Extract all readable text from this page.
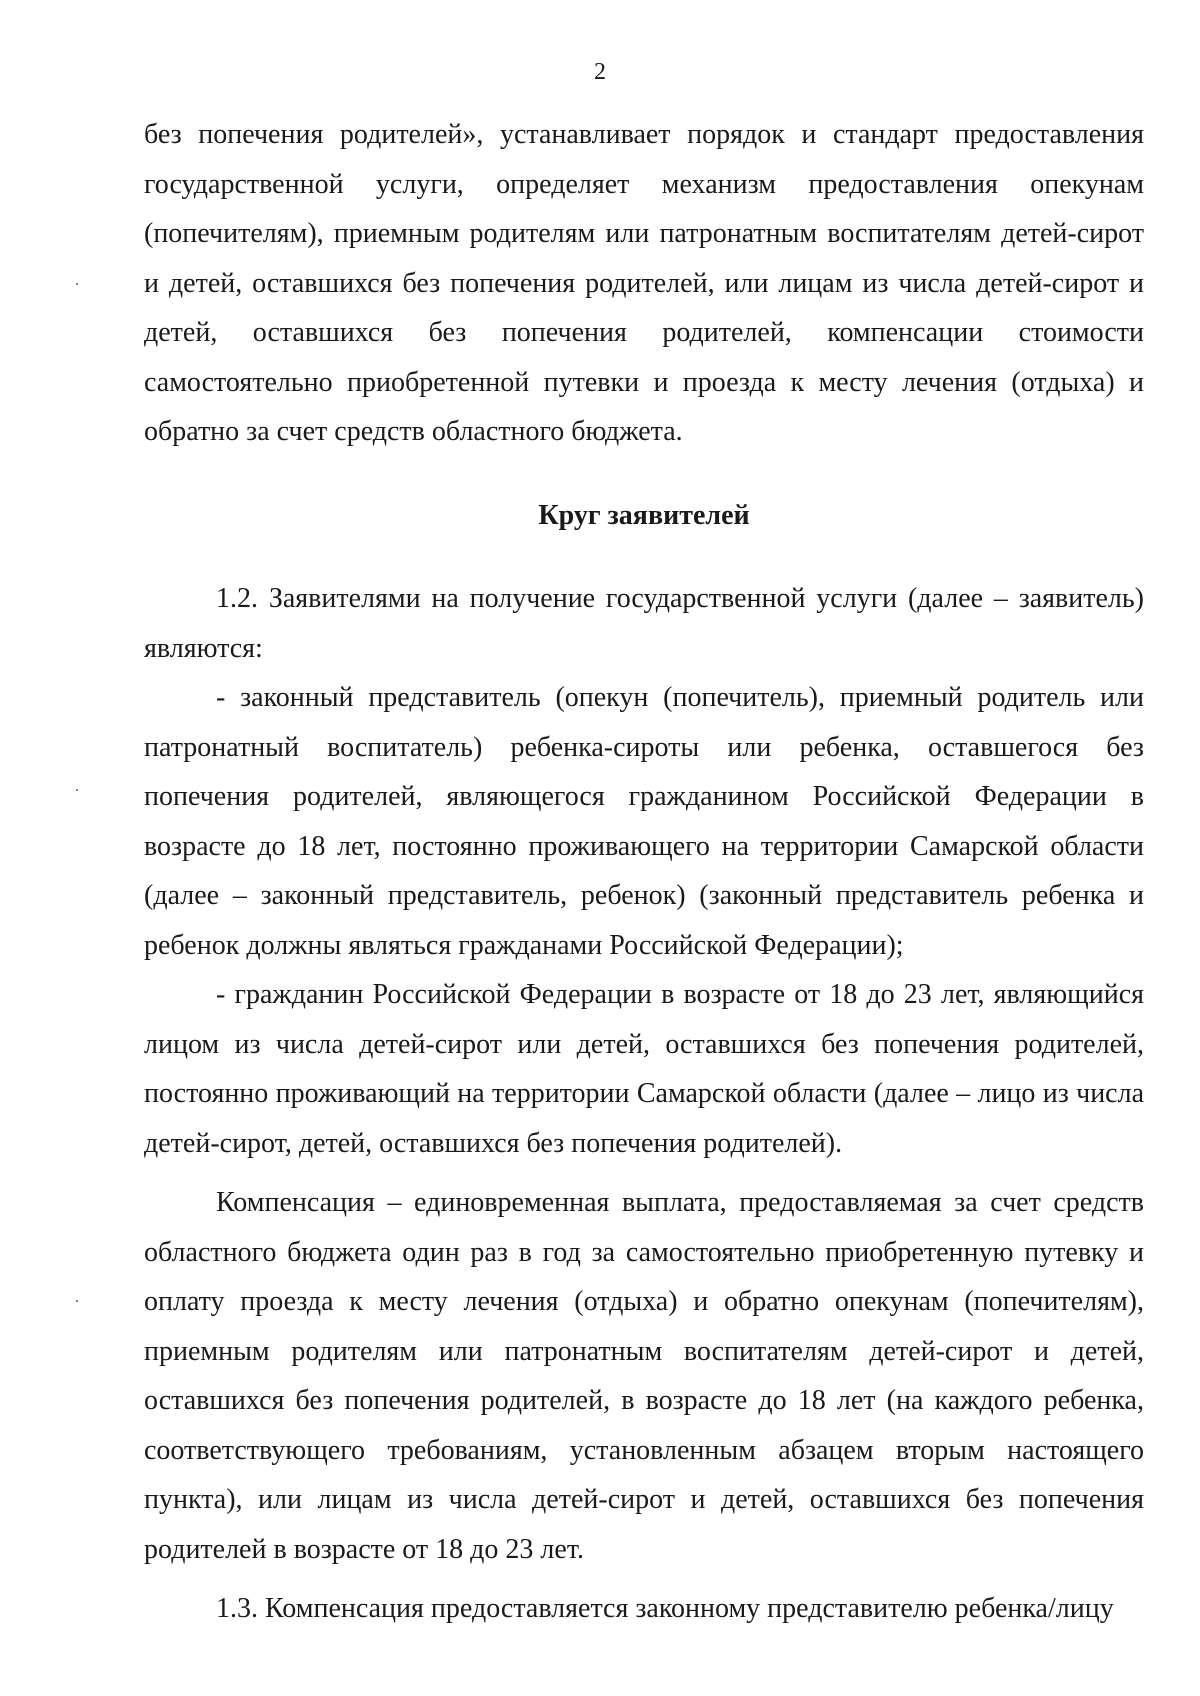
2

без попечения родителей», устанавливает порядок и стандарт предоставления государственной услуги, определяет механизм предоставления опекунам (попечителям), приемным родителям или патронатным воспитателям детей-сирот и детей, оставшихся без попечения родителей, или лицам из числа детей-сирот и детей, оставшихся без попечения родителей, компенсации стоимости самостоятельно приобретенной путевки и проезда к месту лечения (отдыха) и обратно за счет средств областного бюджета.

Круг заявителей

1.2. Заявителями на получение государственной услуги (далее – заявитель) являются:

- законный представитель (опекун (попечитель), приемный родитель или патронатный воспитатель) ребенка-сироты или ребенка, оставшегося без попечения родителей, являющегося гражданином Российской Федерации в возрасте до 18 лет, постоянно проживающего на территории Самарской области (далее – законный представитель, ребенок) (законный представитель ребенка и ребенок должны являться гражданами Российской Федерации);

- гражданин Российской Федерации в возрасте от 18 до 23 лет, являющийся лицом из числа детей-сирот или детей, оставшихся без попечения родителей, постоянно проживающий на территории Самарской области (далее – лицо из числа детей-сирот, детей, оставшихся без попечения родителей).

Компенсация – единовременная выплата, предоставляемая за счет средств областного бюджета один раз в год за самостоятельно приобретенную путевку и оплату проезда к месту лечения (отдыха) и обратно опекунам (попечителям), приемным родителям или патронатным воспитателям детей-сирот и детей, оставшихся без попечения родителей, в возрасте до 18 лет (на каждого ребенка, соответствующего требованиям, установленным абзацем вторым настоящего пункта), или лицам из числа детей-сирот и детей, оставшихся без попечения родителей в возрасте от 18 до 23 лет.

1.3. Компенсация предоставляется законному представителю ребенка/лицу
